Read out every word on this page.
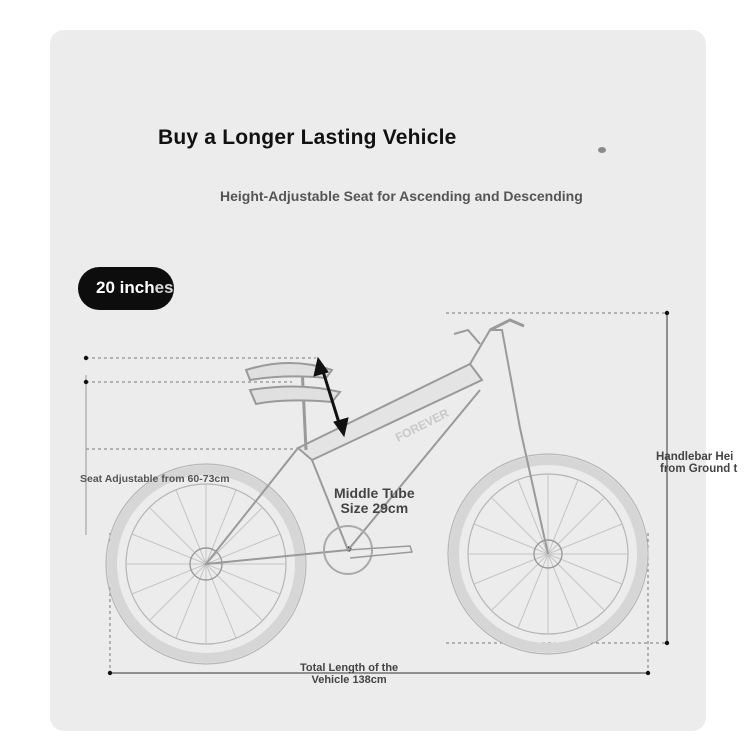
Buy a Longer Lasting Vehicle
Height-Adjustable Seat for Ascending and Descending
20 inches
FOREVER
Seat Adjustable from 60-73cm
Middle Tube
Size 29cm
Handlebar Hei
from Ground t
Total Length of the
Vehicle 138cm
